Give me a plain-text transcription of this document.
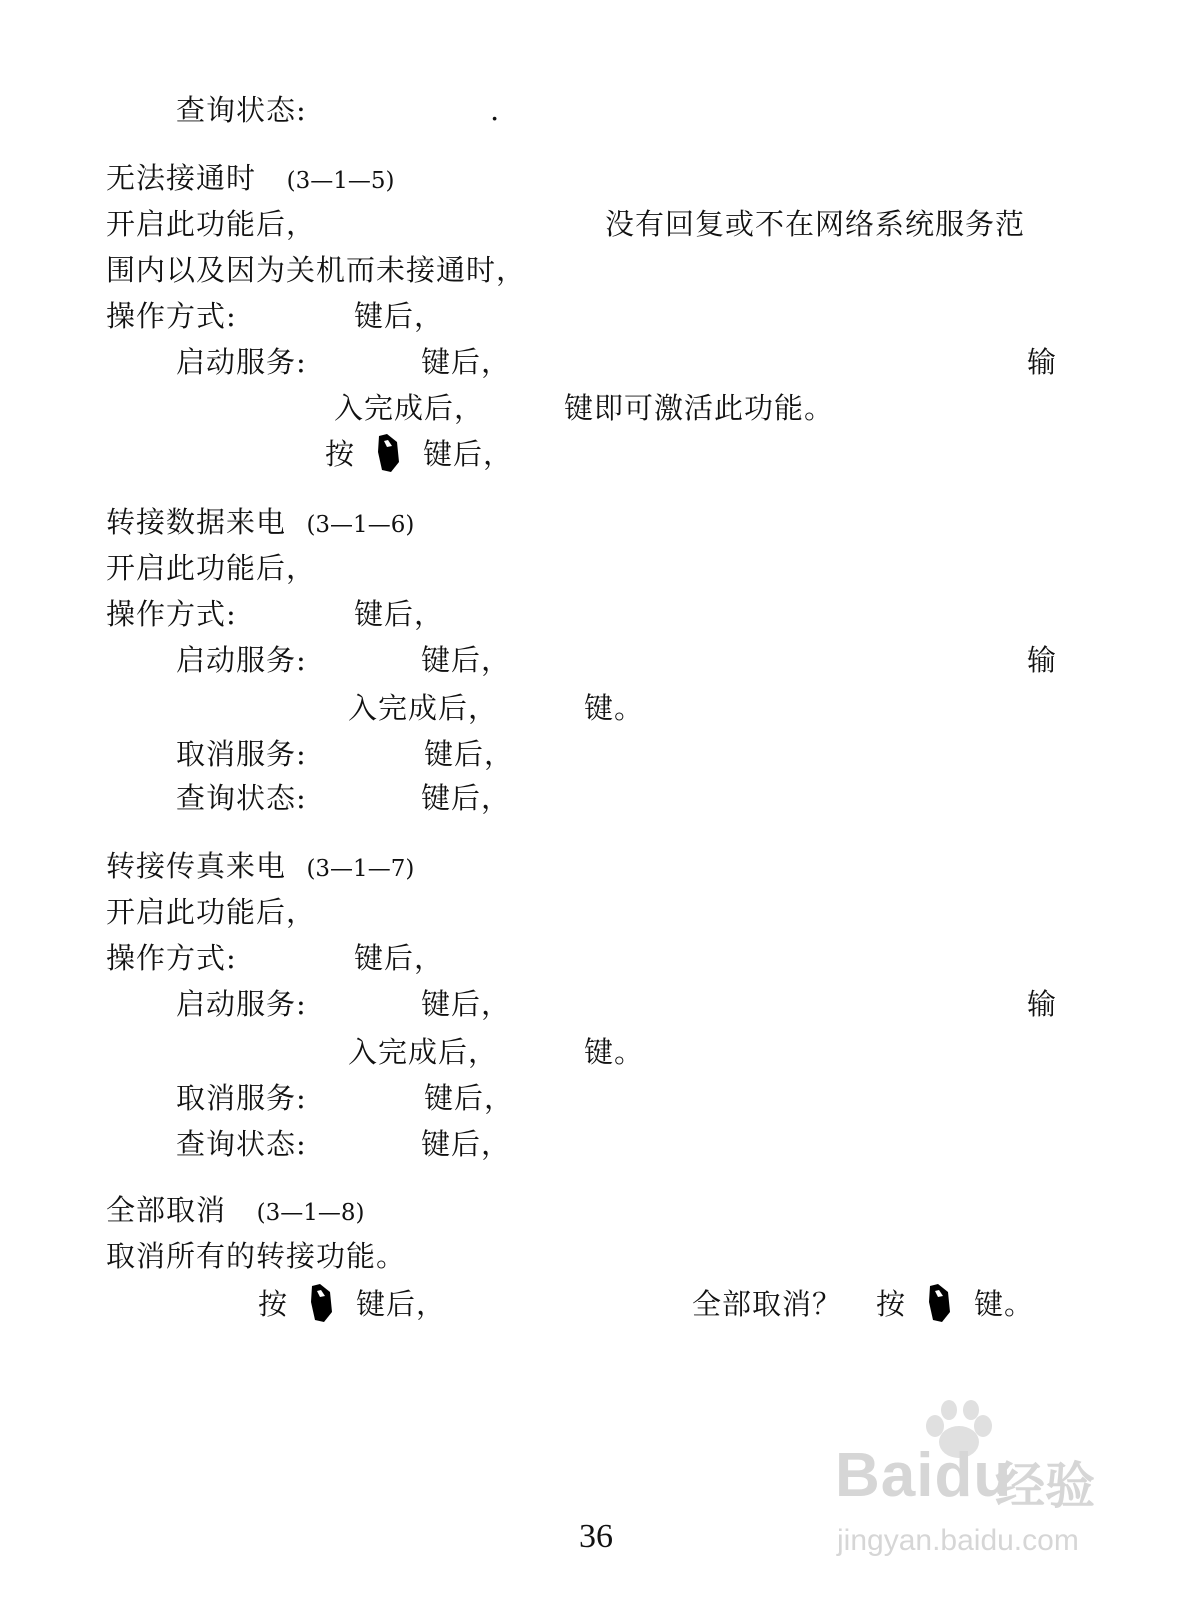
查询状态:	.
无法接通时 (3—1—5)
开启此功能后，	没有回复或不在网络系统服务范
围内以及因为关机而未接通时，
操作方式:	键后，
启动服务:	键后，	输
入完成后，	键即可激活此功能。
按 键后，
转接数据来电 (3—1—6)
开启此功能后，
操作方式:	键后，
启动服务:	键后，	输
入完成后，	键。
取消服务:	键后，
查询状态:	键后，
转接传真来电 (3—1—7)
开启此功能后，
操作方式:	键后，
启动服务:	键后，	输
入完成后，	键。
取消服务:	键后，
查询状态:	键后，
全部取消 (3—1—8)
取消所有的转接功能。
按 键后，	全部取消？ 按 键。
36
Baidu
经验
jingyan.baidu.com
